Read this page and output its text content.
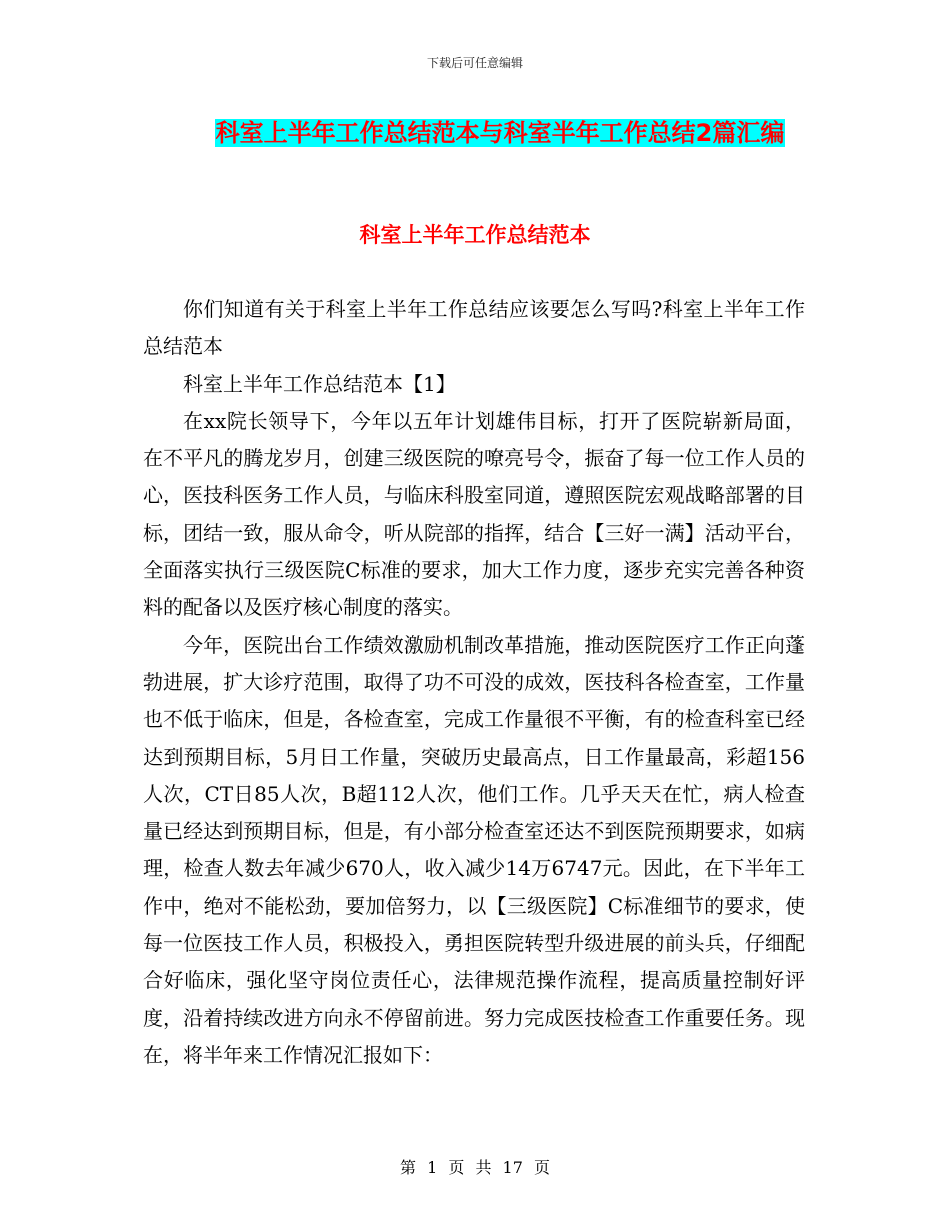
下载后可任意编辑
科室上半年工作总结范本与科室半年工作总结2篇汇编
科室上半年工作总结范本

你们知道有关于科室上半年工作总结应该要怎么写吗?科室上半年工作总结范本

科室上半年工作总结范本【1】

在xx院长领导下，今年以五年计划雄伟目标，打开了医院崭新局面，在不平凡的腾龙岁月，创建三级医院的嘹亮号令，振奋了每一位工作人员的心，医技科医务工作人员，与临床科股室同道，遵照医院宏观战略部署的目标，团结一致，服从命令，听从院部的指挥，结合【三好一满】活动平台，全面落实执行三级医院C标准的要求，加大工作力度，逐步充实完善各种资料的配备以及医疗核心制度的落实。

今年，医院出台工作绩效激励机制改革措施，推动医院医疗工作正向蓬勃进展，扩大诊疗范围，取得了功不可没的成效，医技科各检查室，工作量也不低于临床，但是，各检查室，完成工作量很不平衡，有的检查科室已经达到预期目标，5月日工作量，突破历史最高点，日工作量最高，彩超156人次，CT日85人次，B超112人次，他们工作。几乎天天在忙，病人检查量已经达到预期目标，但是，有小部分检查室还达不到医院预期要求，如病理，检查人数去年减少670人，收入减少14万6747元。因此，在下半年工作中，绝对不能松劲，要加倍努力，以【三级医院】C标准细节的要求，使每一位医技工作人员，积极投入，勇担医院转型升级进展的前头兵，仔细配合好临床，强化坚守岗位责任心，法律规范操作流程，提高质量控制好评度，沿着持续改进方向永不停留前进。努力完成医技检查工作重要任务。现在，将半年来工作情况汇报如下：

第 1 页 共 17 页
